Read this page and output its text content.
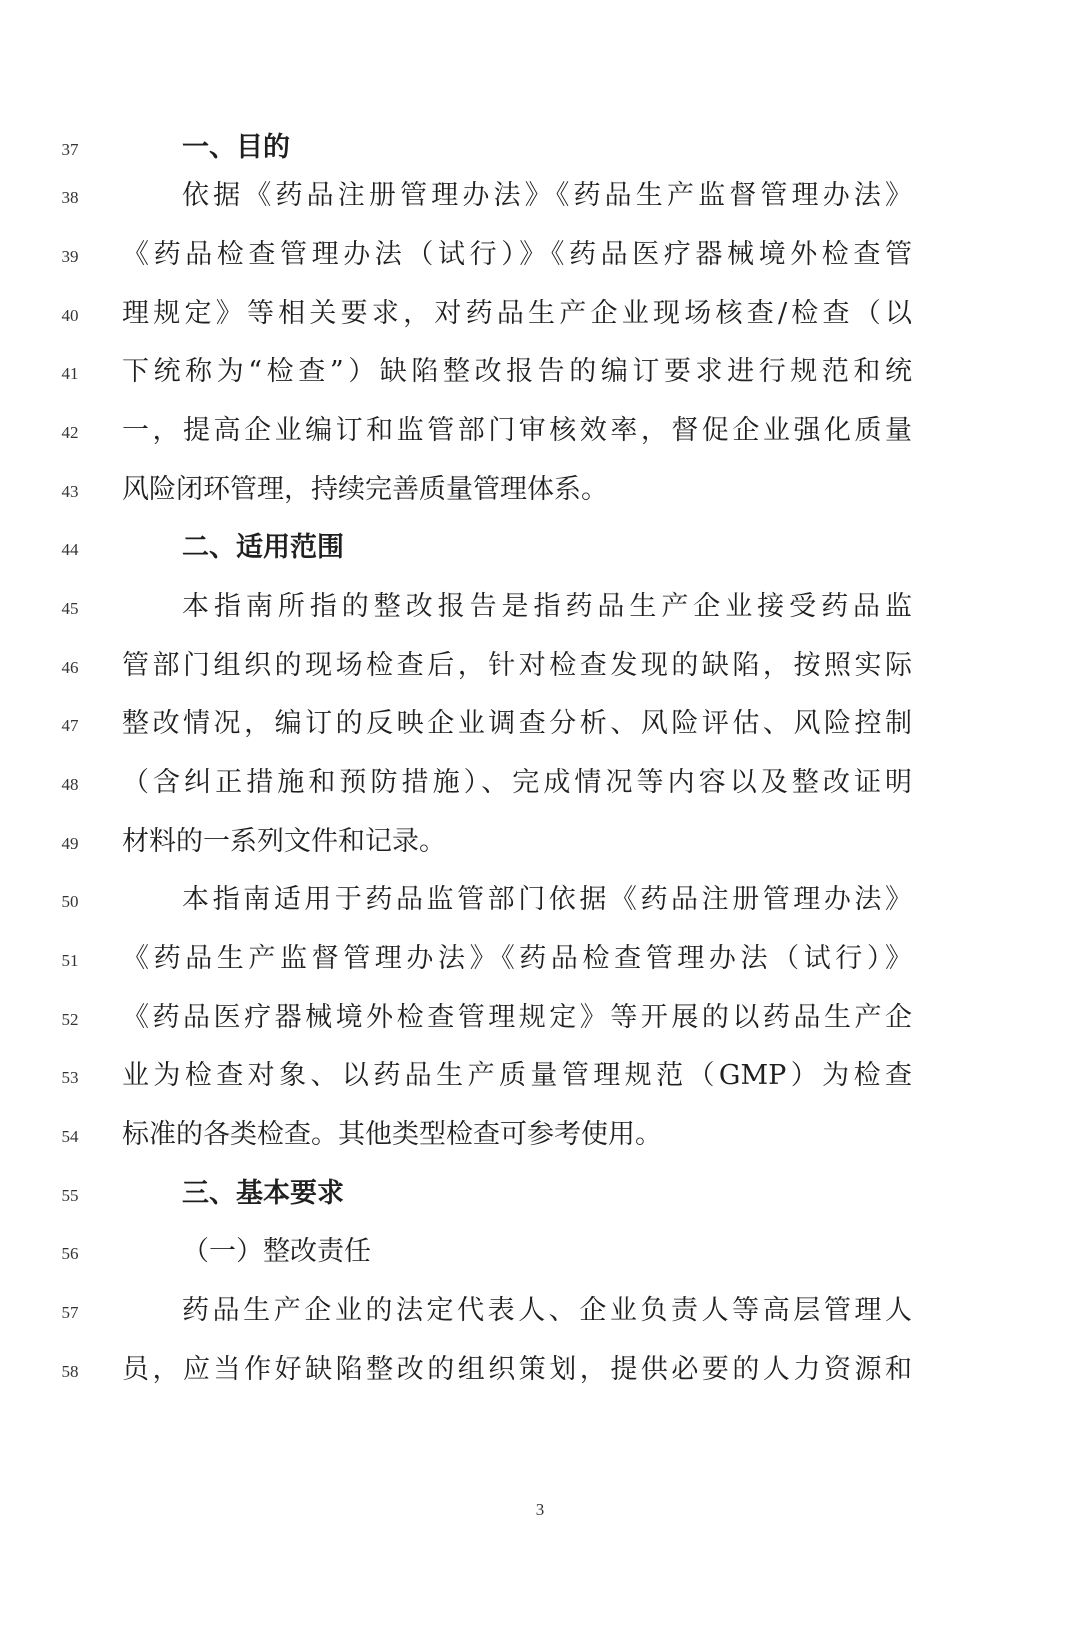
37	一、目的
38	依据《药品注册管理办法》《药品生产监督管理办法》
39	《药品检查管理办法（试行）》《药品医疗器械境外检查管
40	理规定》等相关要求，对药品生产企业现场核查/检查（以
41	下统称为“检查”）缺陷整改报告的编订要求进行规范和统
42	一，提高企业编订和监管部门审核效率，督促企业强化质量
43	风险闭环管理，持续完善质量管理体系。
44	二、适用范围
45	本指南所指的整改报告是指药品生产企业接受药品监
46	管部门组织的现场检查后，针对检查发现的缺陷，按照实际
47	整改情况，编订的反映企业调查分析、风险评估、风险控制
48	（含纠正措施和预防措施）、完成情况等内容以及整改证明
49	材料的一系列文件和记录。
50	本指南适用于药品监管部门依据《药品注册管理办法》
51	《药品生产监督管理办法》《药品检查管理办法（试行）》
52	《药品医疗器械境外检查管理规定》等开展的以药品生产企
53	业为检查对象、以药品生产质量管理规范（GMP）为检查
54	标准的各类检查。其他类型检查可参考使用。
55	三、基本要求
56	（一）整改责任
57	药品生产企业的法定代表人、企业负责人等高层管理人
58	员，应当作好缺陷整改的组织策划，提供必要的人力资源和
3
